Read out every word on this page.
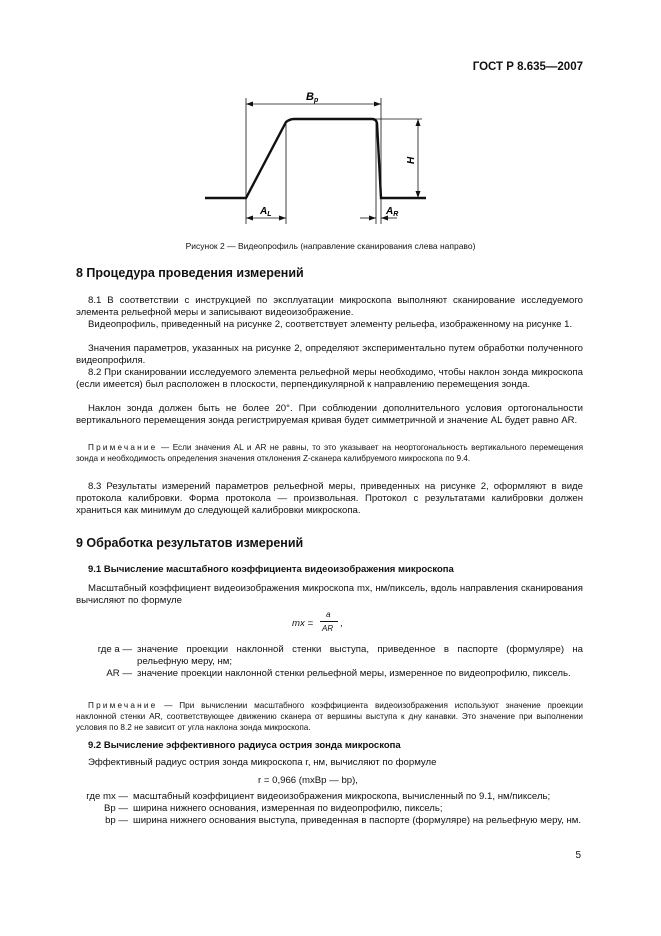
ГОСТ Р 8.635—2007
Bp
H
$A_L$	$A_R$
Рисунок 2 — Видеопрофиль (направление сканирования слева направо)
8 Процедура проведения измерений
8.1 В соответствии с инструкцией по эксплуатации микроскопа выполняют сканирование исследуемого элемента рельефной меры и записывают видеоизображение.
Видеопрофиль, приведенный на рисунке 2, соответствует элементу рельефа, изображенному на рисунке 1.
Значения параметров, указанных на рисунке 2, определяют экспериментально путем обработки полученного видеопрофиля.
8.2 При сканировании исследуемого элемента рельефной меры необходимо, чтобы наклон зонда микроскопа (если имеется) был расположен в плоскости, перпендикулярной к направлению перемещения зонда.
Наклон зонда должен быть не более 20°. При соблюдении дополнительного условия ортогональности вертикального перемещения зонда регистрируемая кривая будет симметричной и значение AL будет равно AR.
Примечание — Если значения AL и AR не равны, то это указывает на неортогональность вертикального перемещения зонда и необходимость определения значения отклонения Z-сканера калибруемого микроскопа по 9.4.
8.3 Результаты измерений параметров рельефной меры, приведенных на рисунке 2, оформляют в виде протокола калибровки. Форма протокола — произвольная. Протокол с результатами калибровки должен храниться как минимум до следующей калибровки микроскопа.
9 Обработка результатов измерений
9.1 Вычисление масштабного коэффициента видеоизображения микроскопа
Масштабный коэффициент видеоизображения микроскопа mx, нм/пиксель, вдоль направления сканирования вычисляют по формуле
mx =
a
AR ,
где a — значение проекции наклонной стенки выступа, приведенное в паспорте (формуляре) на рельефную меру, нм;
AR — значение проекции наклонной стенки рельефной меры, измеренное по видеопрофилю, пиксель.
Примечание — При вычислении масштабного коэффициента видеоизображения используют значение проекции наклонной стенки AR, соответствующее движению сканера от вершины выступа к дну канавки. Это значение при выполнении условия по 8.2 не зависит от угла наклона зонда микроскопа.
9.2 Вычисление эффективного радиуса острия зонда микроскопа
Эффективный радиус острия зонда микроскопа r, нм, вычисляют по формуле
r = 0,966 (mxBp — bp),
где mx — масштабный коэффициент видеоизображения микроскопа, вычисленный по 9.1, нм/пиксель;
Bp — ширина нижнего основания, измеренная по видеопрофилю, пиксель;
bp — ширина нижнего основания выступа, приведенная в паспорте (формуляре) на рельефную меру, нм.
5
